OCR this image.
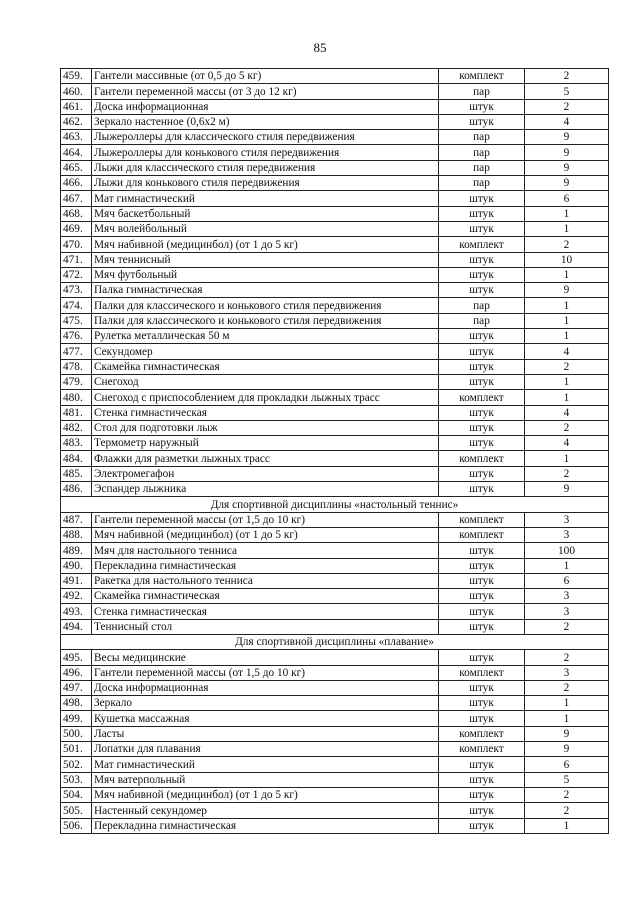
85
459.	Гантели массивные (от 0,5 до 5 кг)	комплект	2
460.	Гантели переменной массы (от 3 до 12 кг)	пар	5
461.	Доска информационная	штук	2
462.	Зеркало настенное (0,6х2 м)	штук	4
463.	Лыжероллеры для классического стиля передвижения	пар	9
464.	Лыжероллеры для конькового стиля передвижения	пар	9
465.	Лыжи для классического стиля передвижения	пар	9
466.	Лыжи для конькового стиля передвижения	пар	9
467.	Мат гимнастический	штук	6
468.	Мяч баскетбольный	штук	1
469.	Мяч волейбольный	штук	1
470.	Мяч набивной (медицинбол) (от 1 до 5 кг)	комплект	2
471.	Мяч теннисный	штук	10
472.	Мяч футбольный	штук	1
473.	Палка гимнастическая	штук	9
474.	Палки для классического и конькового стиля передвижения	пар	1
475.	Палки для классического и конькового стиля передвижения	пар	1
476.	Рулетка металлическая 50 м	штук	1
477.	Секундомер	штук	4
478.	Скамейка гимнастическая	штук	2
479.	Снегоход	штук	1
480.	Снегоход с приспособлением для прокладки лыжных трасс	комплект	1
481.	Стенка гимнастическая	штук	4
482.	Стол для подготовки лыж	штук	2
483.	Термометр наружный	штук	4
484.	Флажки для разметки лыжных трасс	комплект	1
485.	Электромегафон	штук	2
486.	Эспандер лыжника	штук	9
Для спортивной дисциплины «настольный теннис»			
487.	Гантели переменной массы (от 1,5 до 10 кг)	комплект	3
488.	Мяч набивной (медицинбол) (от 1 до 5 кг)	комплект	3
489.	Мяч для настольного тенниса	штук	100
490.	Перекладина гимнастическая	штук	1
491.	Ракетка для настольного тенниса	штук	6
492.	Скамейка гимнастическая	штук	3
493.	Стенка гимнастическая	штук	3
494.	Теннисный стол	штук	2
Для спортивной дисциплины «плавание»			
495.	Весы медицинские	штук	2
496.	Гантели переменной массы (от 1,5 до 10 кг)	комплект	3
497.	Доска информационная	штук	2
498.	Зеркало	штук	1
499.	Кушетка массажная	штук	1
500.	Ласты	комплект	9
501.	Лопатки для плавания	комплект	9
502.	Мат гимнастический	штук	6
503.	Мяч ватерпольный	штук	5
504.	Мяч набивной (медицинбол) (от 1 до 5 кг)	штук	2
505.	Настенный секундомер	штук	2
506.	Перекладина гимнастическая	штук	1
